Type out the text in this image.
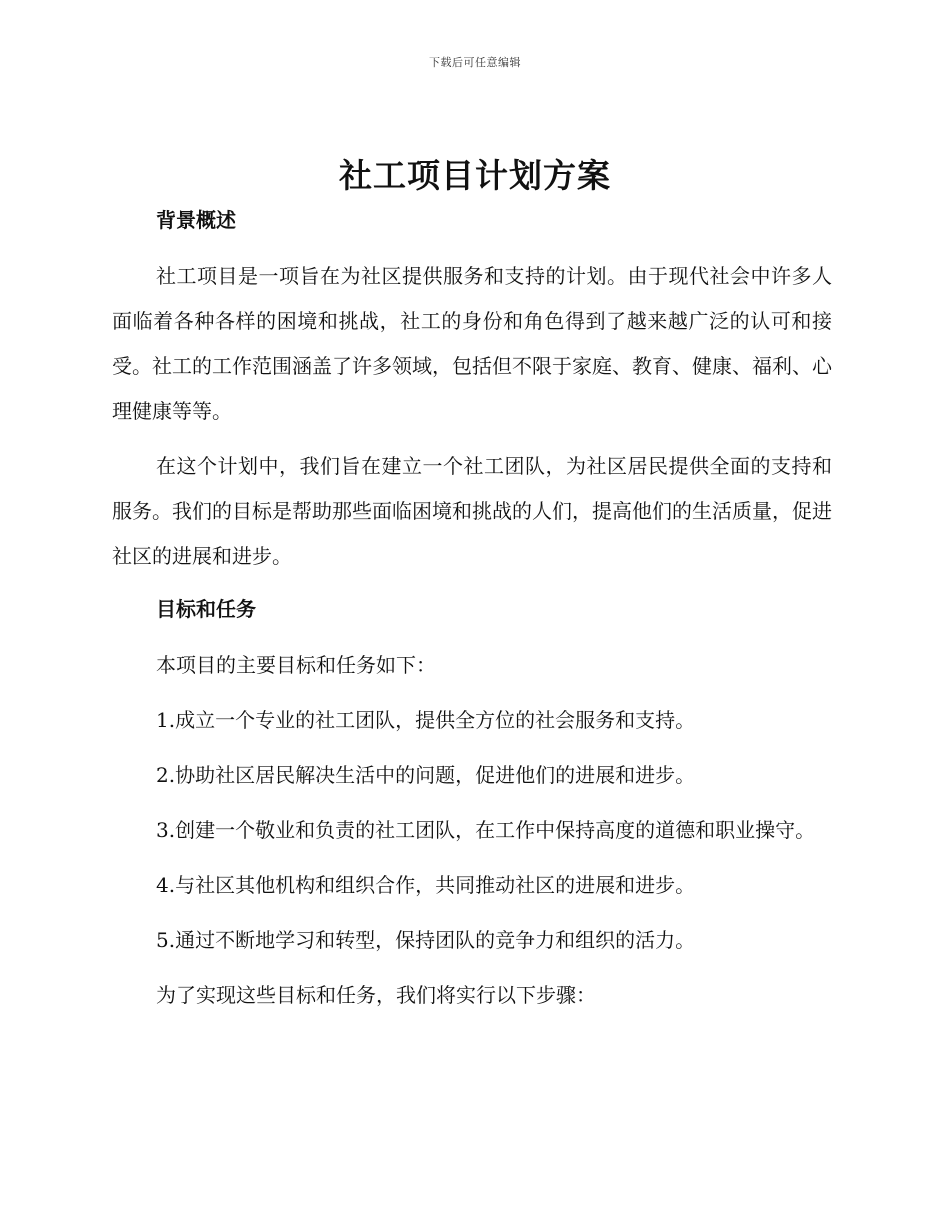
下载后可任意编辑
社工项目计划方案
背景概述

社工项目是一项旨在为社区提供服务和支持的计划。由于现代社会中许多人面临着各种各样的困境和挑战，社工的身份和角色得到了越来越广泛的认可和接受。社工的工作范围涵盖了许多领域，包括但不限于家庭、教育、健康、福利、心理健康等等。

在这个计划中，我们旨在建立一个社工团队，为社区居民提供全面的支持和服务。我们的目标是帮助那些面临困境和挑战的人们，提高他们的生活质量，促进社区的进展和进步。

目标和任务

本项目的主要目标和任务如下：

1.成立一个专业的社工团队，提供全方位的社会服务和支持。

2.协助社区居民解决生活中的问题，促进他们的进展和进步。

3.创建一个敬业和负责的社工团队，在工作中保持高度的道德和职业操守。

4.与社区其他机构和组织合作，共同推动社区的进展和进步。

5.通过不断地学习和转型，保持团队的竞争力和组织的活力。

为了实现这些目标和任务，我们将实行以下步骤：
